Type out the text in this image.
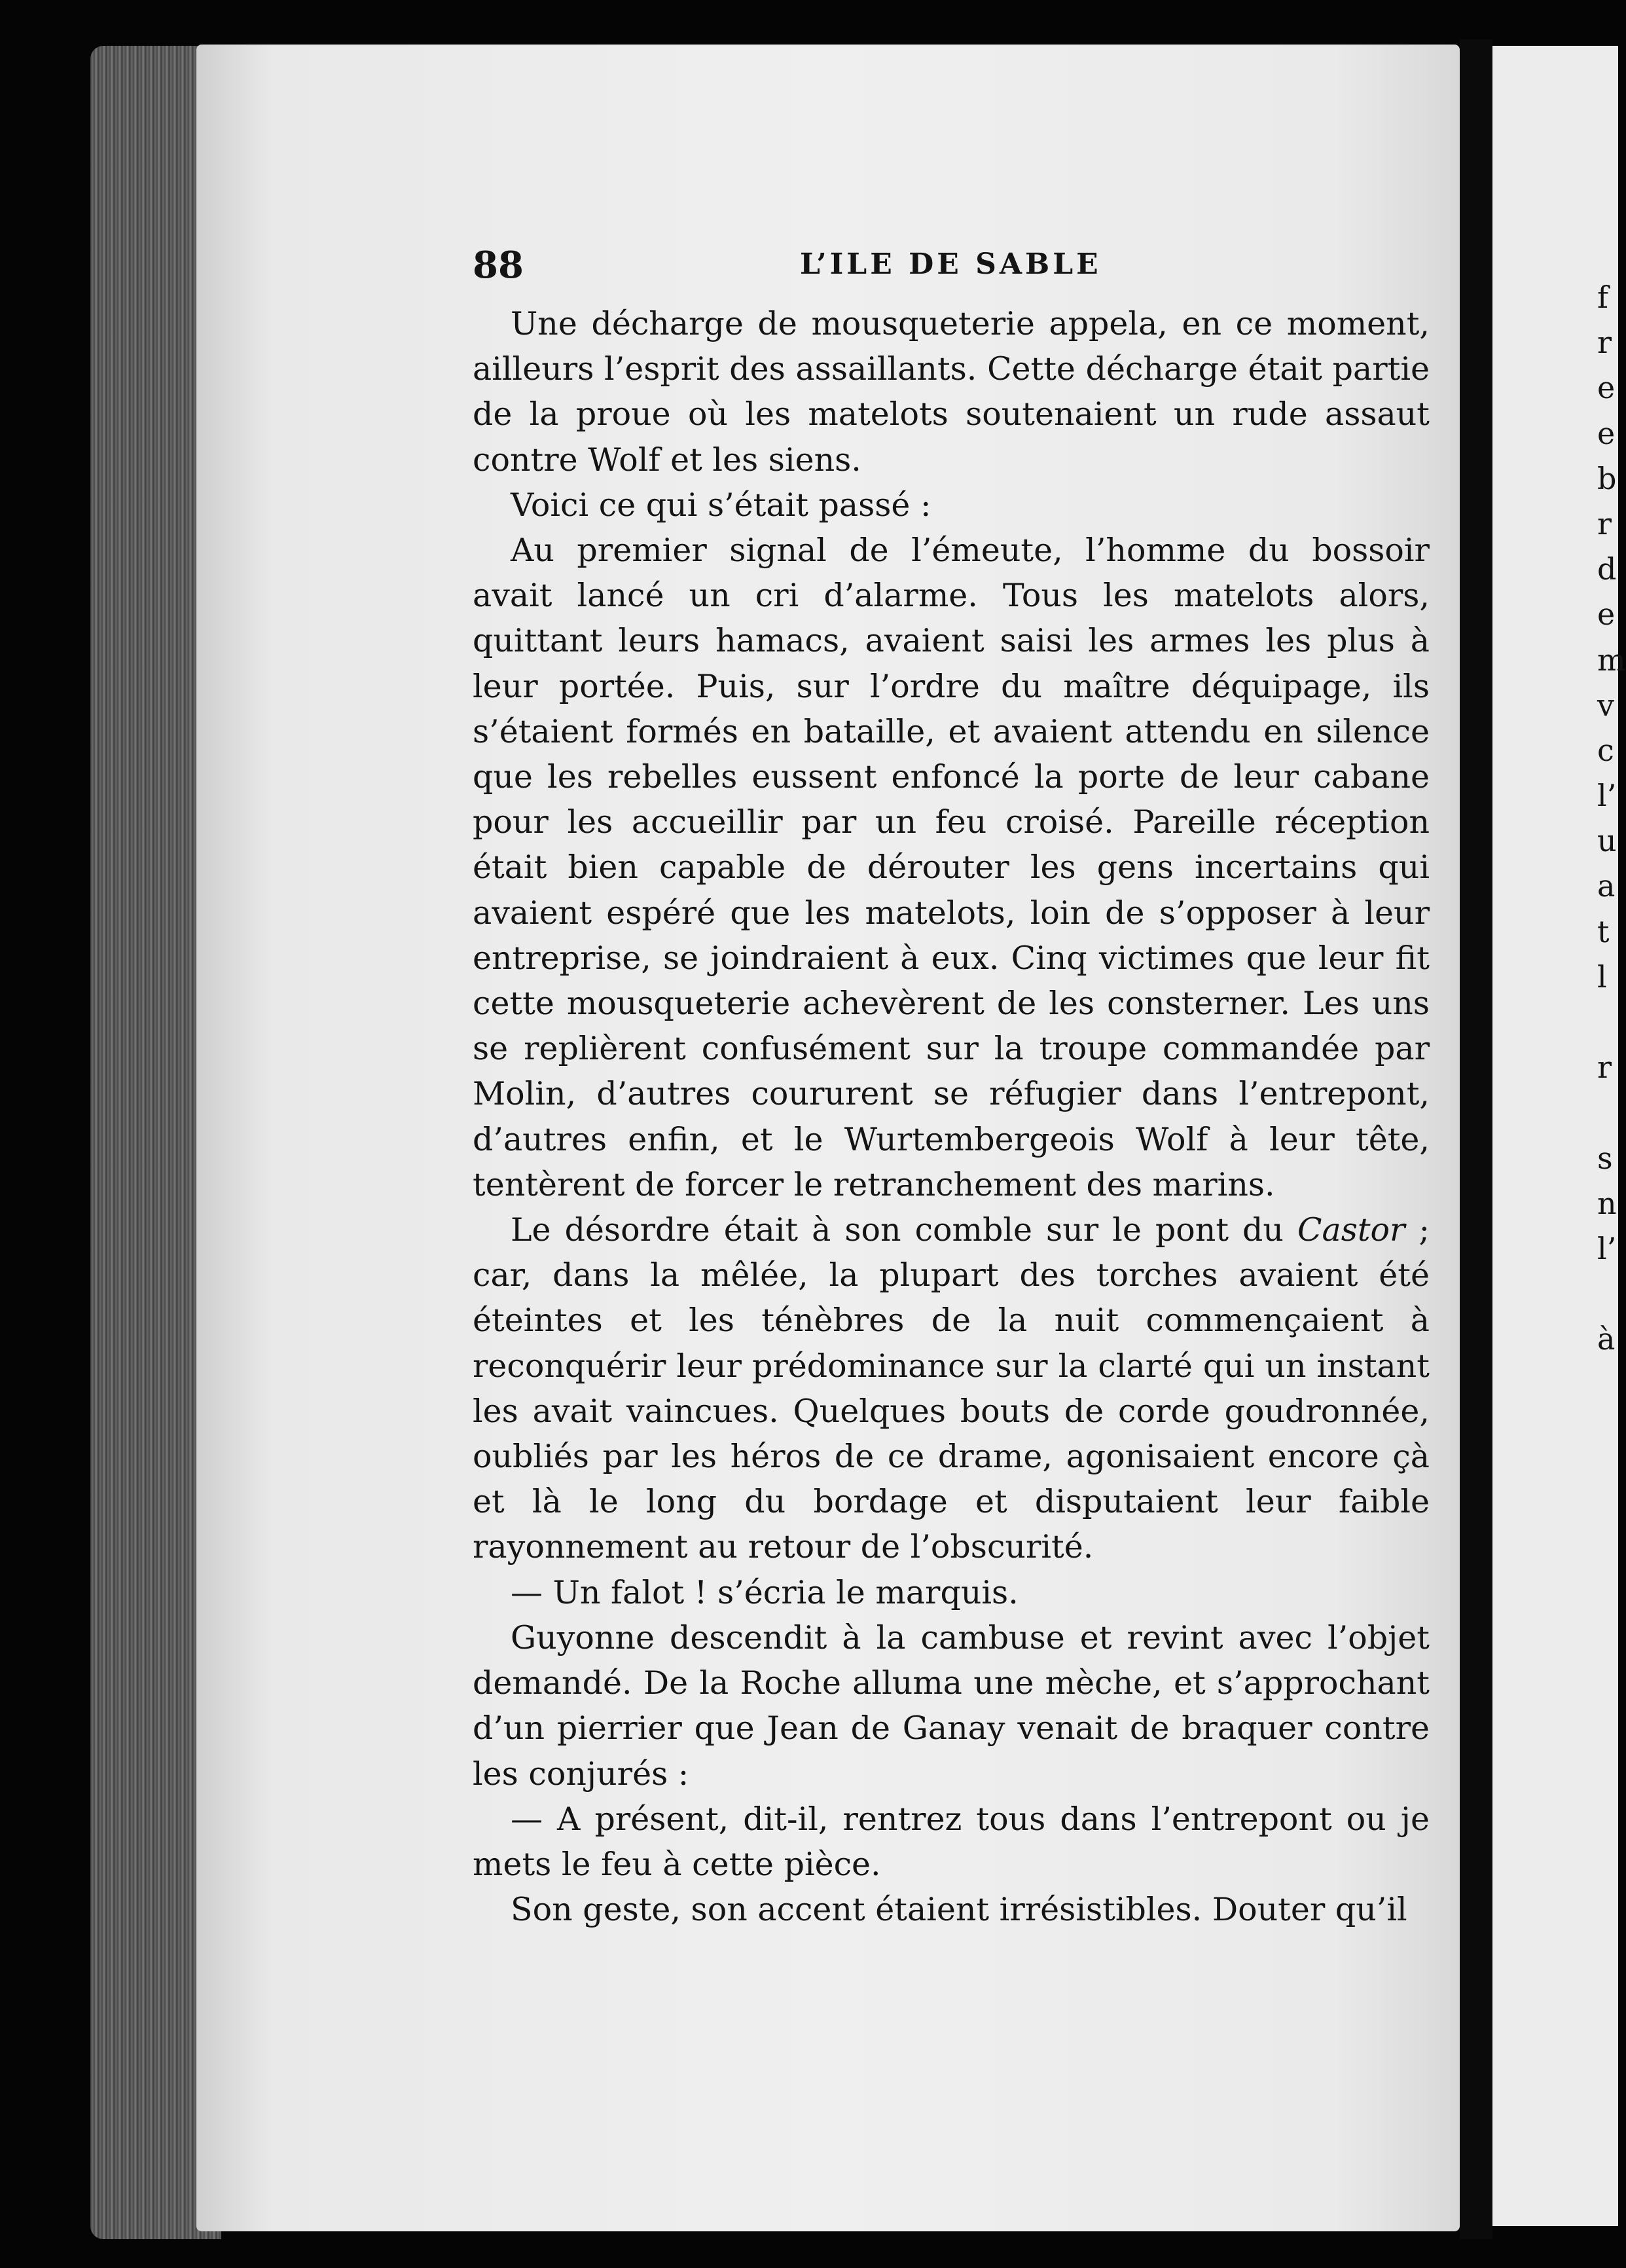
88	L’ILE DE SABLE

Une décharge de mousqueterie appela, en ce moment, ailleurs l’esprit des assaillants. Cette décharge était partie de la proue où les matelots soutenaient un rude assaut contre Wolf et les siens.

Voici ce qui s’était passé :

Au premier signal de l’émeute, l’homme du bossoir avait lancé un cri d’alarme. Tous les matelots alors, quittant leurs hamacs, avaient saisi les armes les plus à leur portée. Puis, sur l’ordre du maître déquipage, ils s’étaient formés en bataille, et avaient attendu en silence que les rebelles eussent enfoncé la porte de leur cabane pour les accueillir par un feu croisé. Pareille réception était bien capable de dérouter les gens incertains qui avaient espéré que les matelots, loin de s’opposer à leur entreprise, se joindraient à eux. Cinq victimes que leur fit cette mousqueterie achevèrent de les consterner. Les uns se replièrent confusément sur la troupe commandée par Molin, d’autres coururent se réfugier dans l’entrepont, d’autres enfin, et le Wurtembergeois Wolf à leur tête, tentèrent de forcer le retranchement des marins.

Le désordre était à son comble sur le pont du Castor ; car, dans la mêlée, la plupart des torches avaient été éteintes et les ténèbres de la nuit commençaient à reconquérir leur prédominance sur la clarté qui un instant les avait vaincues. Quelques bouts de corde goudronnée, oubliés par les héros de ce drame, agonisaient encore çà et là le long du bordage et disputaient leur faible rayonnement au retour de l’obscurité.

— Un falot ! s’écria le marquis.

Guyonne descendit à la cambuse et revint avec l’objet demandé. De la Roche alluma une mèche, et s’approchant d’un pierrier que Jean de Ganay venait de braquer contre les conjurés :

— A présent, dit-il, rentrez tous dans l’entrepont ou je mets le feu à cette pièce.

Son geste, son accent étaient irrésistibles. Douter qu’il

f
r
e
e
b
r
d
e
m
v
c
l’
u
a
t
l
r
s
n
l’
à
